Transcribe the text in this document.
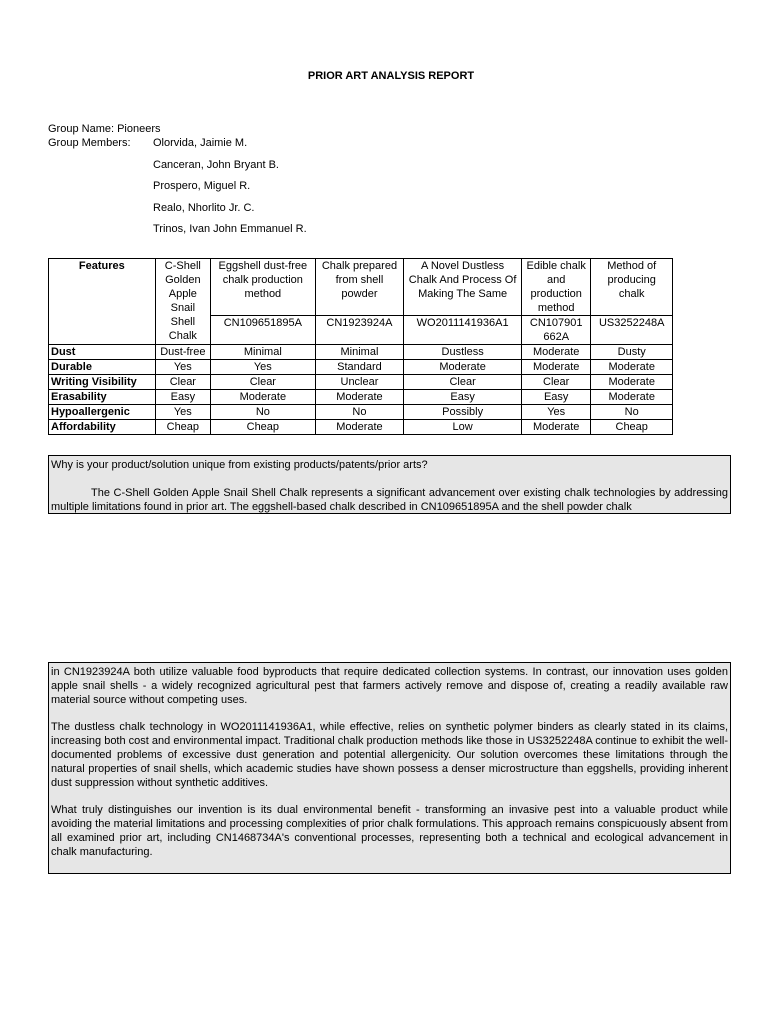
PRIOR ART ANALYSIS REPORT
Group Name: Pioneers
Group Members:	Olorvida, Jaimie M.
Canceran, John Bryant B.
Prospero, Miguel R.
Realo, Nhorlito Jr. C.
Trinos, Ivan John Emmanuel R.
Features	C-Shell Golden Apple Snail Shell Chalk	Eggshell dust-free chalk production method	Chalk prepared from shell powder	A Novel Dustless Chalk And Process Of Making The Same	Edible chalk and production method	Method of producing chalk
		CN109651895A	CN1923924A	WO2011141936A1	CN107901 662A	US3252248A
Dust	Dust-free	Minimal	Minimal	Dustless	Moderate	Dusty
Durable	Yes	Yes	Standard	Moderate	Moderate	Moderate
Writing Visibility	Clear	Clear	Unclear	Clear	Clear	Moderate
Erasability	Easy	Moderate	Moderate	Easy	Easy	Moderate
Hypoallergenic	Yes	No	No	Possibly	Yes	No
Affordability	Cheap	Cheap	Moderate	Low	Moderate	Cheap
Why is your product/solution unique from existing products/patents/prior arts?
The C-Shell Golden Apple Snail Shell Chalk represents a significant advancement over existing chalk technologies by addressing multiple limitations found in prior art. The eggshell-based chalk described in CN109651895A and the shell powder chalk

in CN1923924A both utilize valuable food byproducts that require dedicated collection systems. In contrast, our innovation uses golden apple snail shells - a widely recognized agricultural pest that farmers actively remove and dispose of, creating a readily available raw material source without competing uses.

The dustless chalk technology in WO2011141936A1, while effective, relies on synthetic polymer binders as clearly stated in its claims, increasing both cost and environmental impact. Traditional chalk production methods like those in US3252248A continue to exhibit the well-documented problems of excessive dust generation and potential allergenicity. Our solution overcomes these limitations through the natural properties of snail shells, which academic studies have shown possess a denser microstructure than eggshells, providing inherent dust suppression without synthetic additives.

What truly distinguishes our invention is its dual environmental benefit - transforming an invasive pest into a valuable product while avoiding the material limitations and processing complexities of prior chalk formulations. This approach remains conspicuously absent from all examined prior art, including CN1468734A's conventional processes, representing both a technical and ecological advancement in chalk manufacturing.
